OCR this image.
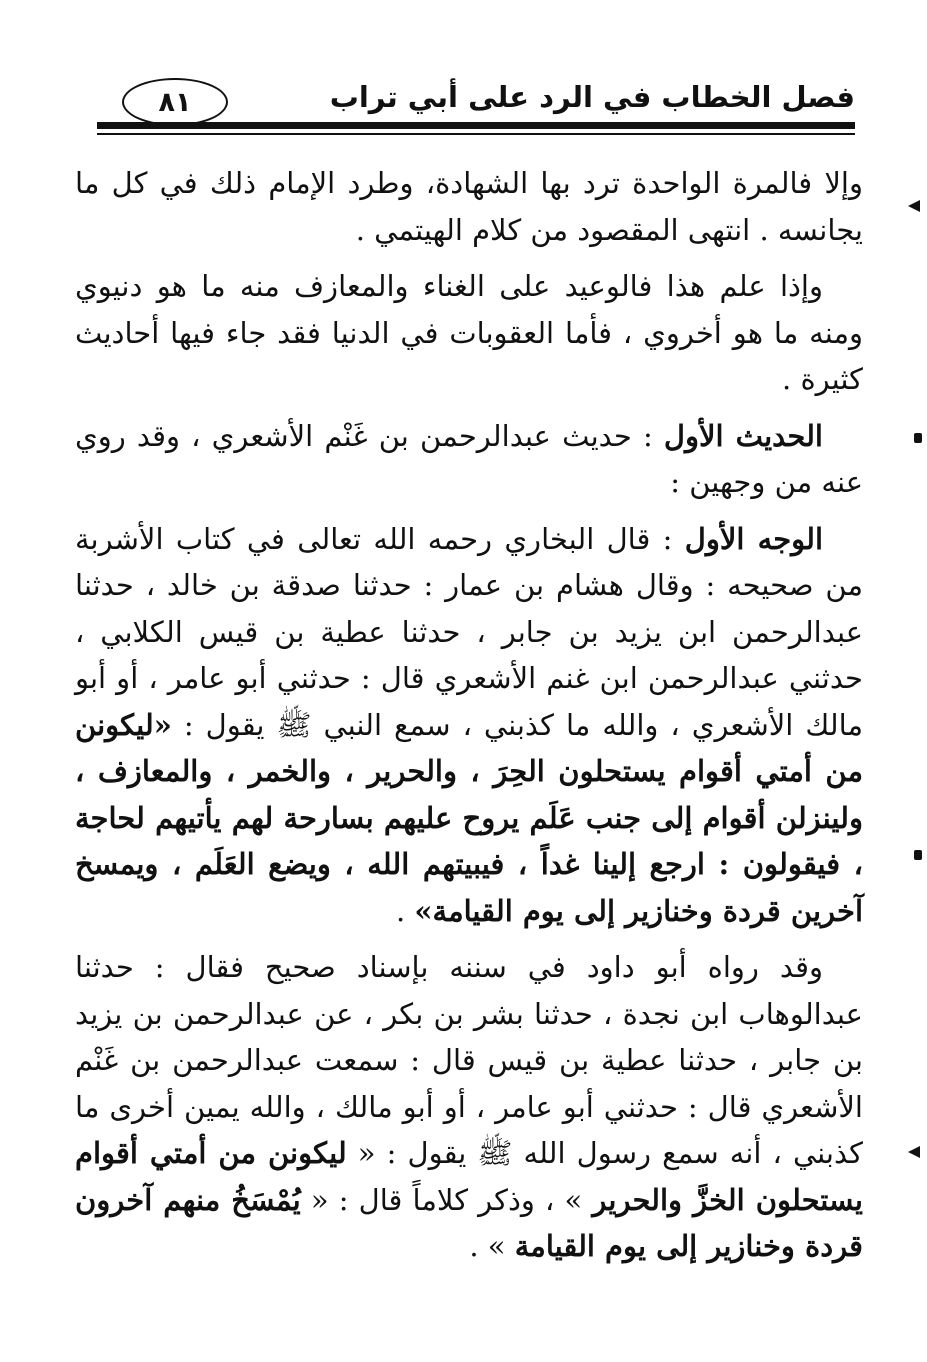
فصل الخطاب في الرد على أبي تراب
٨١

وإلا فالمرة الواحدة ترد بها الشهادة، وطرد الإمام ذلك في كل ما يجانسه . انتهى المقصود من كلام الهيتمي .

وإذا علم هذا فالوعيد على الغناء والمعازف منه ما هو دنيوي ومنه ما هو أخروي ، فأما العقوبات في الدنيا فقد جاء فيها أحاديث كثيرة .

الحديث الأول : حديث عبدالرحمن بن غَنْم الأشعري ، وقد روي عنه من وجهين :

الوجه الأول : قال البخاري رحمه الله تعالى في كتاب الأشربة من صحيحه : وقال هشام بن عمار : حدثنا صدقة بن خالد ، حدثنا عبدالرحمن ابن يزيد بن جابر ، حدثنا عطية بن قيس الكلابي ، حدثني عبدالرحمن ابن غنم الأشعري قال : حدثني أبو عامر ، أو أبو مالك الأشعري ، والله ما كذبني ، سمع النبي ﷺ يقول : «ليكونن من أمتي أقوام يستحلون الحِرَ ، والحرير ، والخمر ، والمعازف ، ولينزلن أقوام إلى جنب عَلَم يروح عليهم بسارحة لهم يأتيهم لحاجة ، فيقولون : ارجع إلينا غداً ، فيبيتهم الله ، ويضع العَلَم ، ويمسخ آخرين قردة وخنازير إلى يوم القيامة» .

وقد رواه أبو داود في سننه بإسناد صحيح فقال : حدثنا عبدالوهاب ابن نجدة ، حدثنا بشر بن بكر ، عن عبدالرحمن بن يزيد بن جابر ، حدثنا عطية بن قيس قال : سمعت عبدالرحمن بن غَنْم الأشعري قال : حدثني أبو عامر ، أو أبو مالك ، والله يمين أخرى ما كذبني ، أنه سمع رسول الله ﷺ يقول : « ليكونن من أمتي أقوام يستحلون الخزَّ والحرير » ، وذكر كلاماً قال : « يُمْسَخُ منهم آخرون قردة وخنازير إلى يوم القيامة » .
